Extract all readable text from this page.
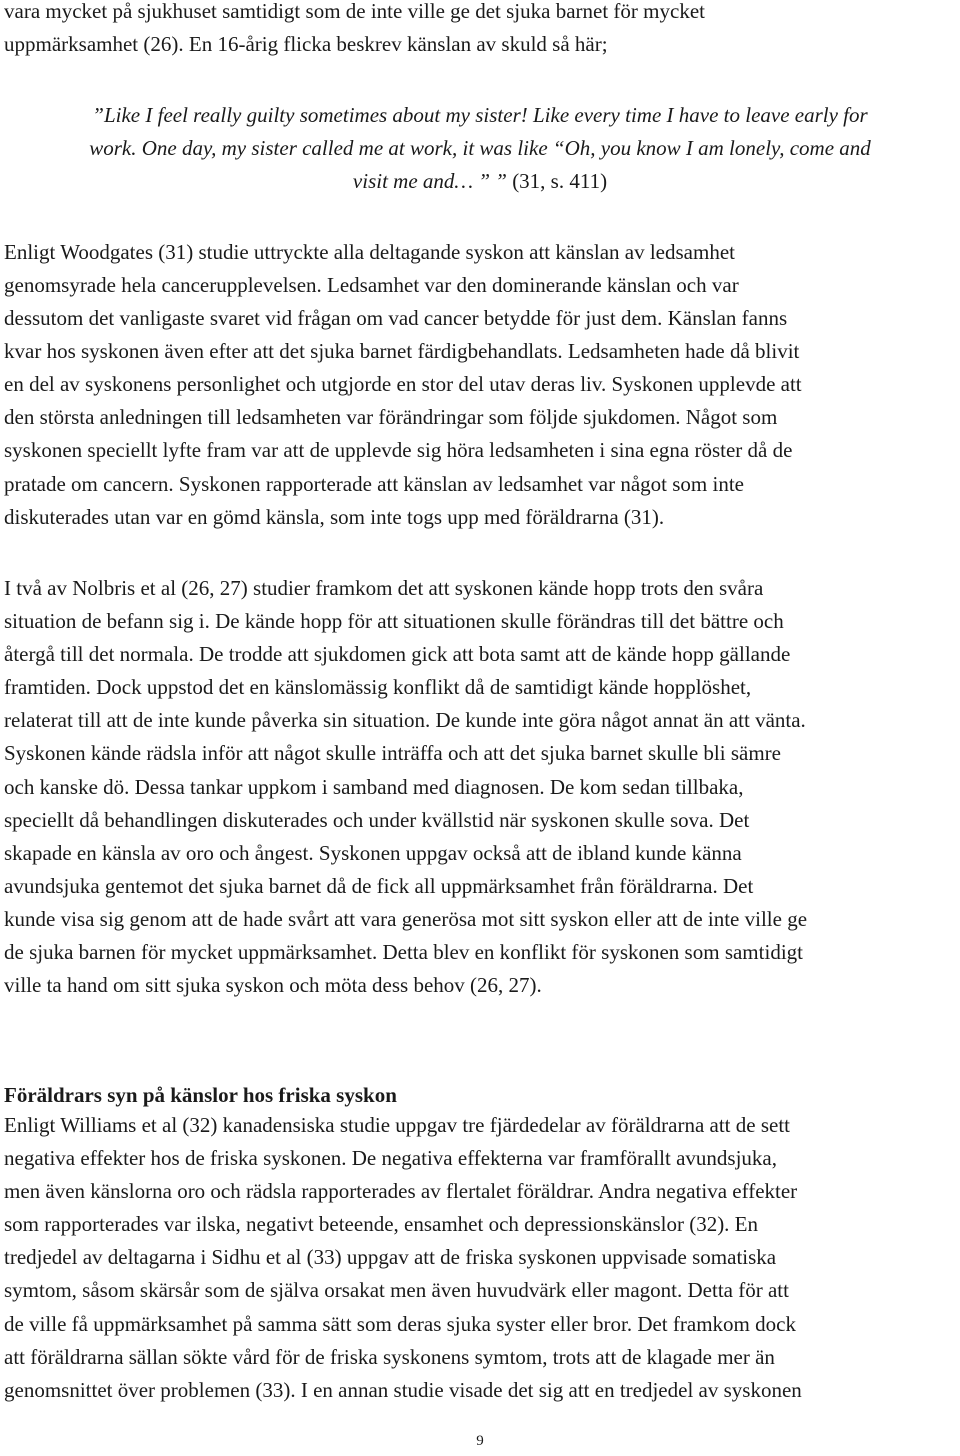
vara mycket på sjukhuset samtidigt som de inte ville ge det sjuka barnet för mycket
uppmärksamhet (26). En 16-årig flicka beskrev känslan av skuld så här;
”Like I feel really guilty sometimes about my sister! Like every time I have to leave early for
work. One day, my sister called me at work, it was like “Oh, you know I am lonely, come and
visit me and… ” ” (31, s. 411)
Enligt Woodgates (31) studie uttryckte alla deltagande syskon att känslan av ledsamhet
genomsyrade hela cancerupplevelsen. Ledsamhet var den dominerande känslan och var
dessutom det vanligaste svaret vid frågan om vad cancer betydde för just dem. Känslan fanns
kvar hos syskonen även efter att det sjuka barnet färdigbehandlats. Ledsamheten hade då blivit
en del av syskonens personlighet och utgjorde en stor del utav deras liv. Syskonen upplevde att
den största anledningen till ledsamheten var förändringar som följde sjukdomen. Något som
syskonen speciellt lyfte fram var att de upplevde sig höra ledsamheten i sina egna röster då de
pratade om cancern. Syskonen rapporterade att känslan av ledsamhet var något som inte
diskuterades utan var en gömd känsla, som inte togs upp med föräldrarna (31).
I två av Nolbris et al (26, 27) studier framkom det att syskonen kände hopp trots den svåra
situation de befann sig i. De kände hopp för att situationen skulle förändras till det bättre och
återgå till det normala. De trodde att sjukdomen gick att bota samt att de kände hopp gällande
framtiden. Dock uppstod det en känslomässig konflikt då de samtidigt kände hopplöshet,
relaterat till att de inte kunde påverka sin situation. De kunde inte göra något annat än att vänta.
Syskonen kände rädsla inför att något skulle inträffa och att det sjuka barnet skulle bli sämre
och kanske dö. Dessa tankar uppkom i samband med diagnosen. De kom sedan tillbaka,
speciellt då behandlingen diskuterades och under kvällstid när syskonen skulle sova. Det
skapade en känsla av oro och ångest. Syskonen uppgav också att de ibland kunde känna
avundsjuka gentemot det sjuka barnet då de fick all uppmärksamhet från föräldrarna. Det
kunde visa sig genom att de hade svårt att vara generösa mot sitt syskon eller att de inte ville ge
de sjuka barnen för mycket uppmärksamhet. Detta blev en konflikt för syskonen som samtidigt
ville ta hand om sitt sjuka syskon och möta dess behov (26, 27).
Föräldrars syn på känslor hos friska syskon
Enligt Williams et al (32) kanadensiska studie uppgav tre fjärdedelar av föräldrarna att de sett
negativa effekter hos de friska syskonen. De negativa effekterna var framförallt avundsjuka,
men även känslorna oro och rädsla rapporterades av flertalet föräldrar. Andra negativa effekter
som rapporterades var ilska, negativt beteende, ensamhet och depressionskänslor (32). En
tredjedel av deltagarna i Sidhu et al (33) uppgav att de friska syskonen uppvisade somatiska
symtom, såsom skärsår som de själva orsakat men även huvudvärk eller magont. Detta för att
de ville få uppmärksamhet på samma sätt som deras sjuka syster eller bror. Det framkom dock
att föräldrarna sällan sökte vård för de friska syskonens symtom, trots att de klagade mer än
genomsnittet över problemen (33). I en annan studie visade det sig att en tredjedel av syskonen
9
